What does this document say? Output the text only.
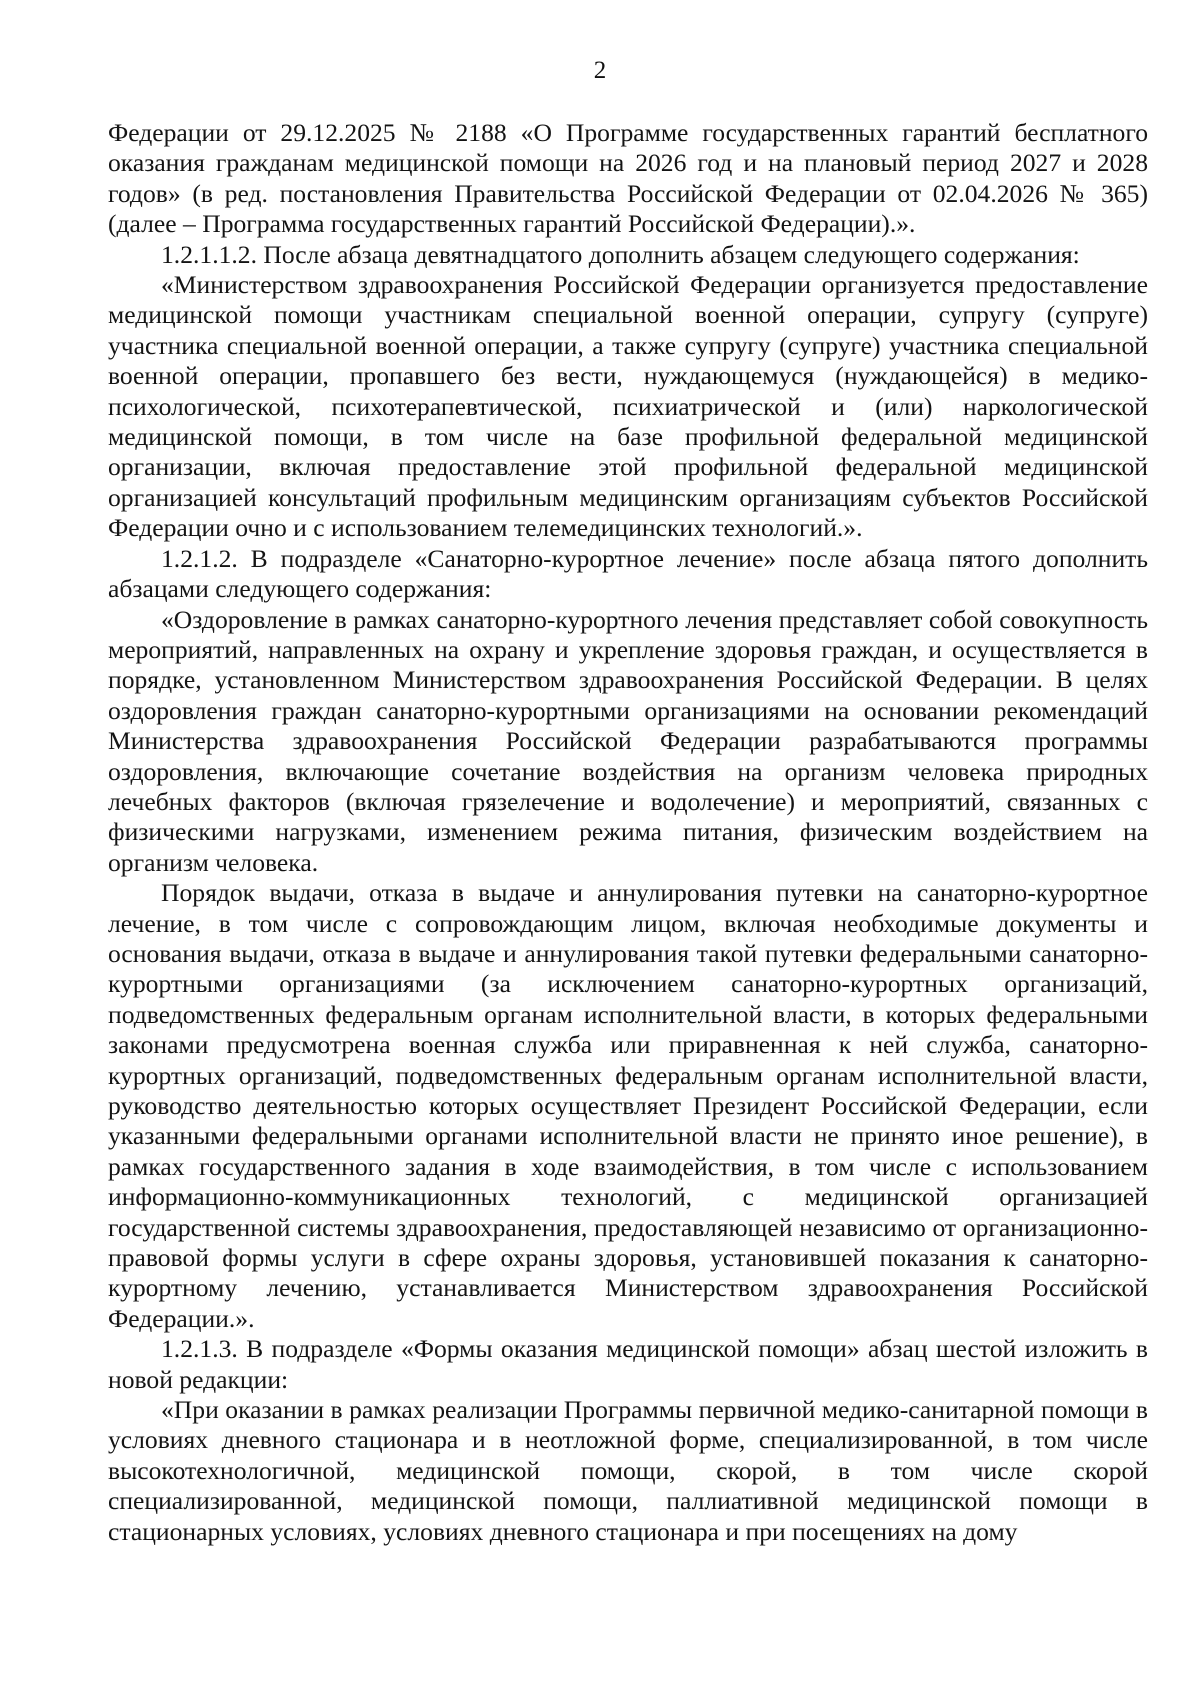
2

Федерации от 29.12.2025 № 2188 «О Программе государственных гарантий бесплатного оказания гражданам медицинской помощи на 2026 год и на плановый период 2027 и 2028 годов» (в ред. постановления Правительства Российской Федерации от 02.04.2026 № 365) (далее – Программа государственных гарантий Российской Федерации).».

1.2.1.1.2. После абзаца девятнадцатого дополнить абзацем следующего содержания:

«Министерством здравоохранения Российской Федерации организуется предоставление медицинской помощи участникам специальной военной операции, супругу (супруге) участника специальной военной операции, а также супругу (супруге) участника специальной военной операции, пропавшего без вести, нуждающемуся (нуждающейся) в медико-психологической, психотерапевтической, психиатрической и (или) наркологической медицинской помощи, в том числе на базе профильной федеральной медицинской организации, включая предоставление этой профильной федеральной медицинской организацией консультаций профильным медицинским организациям субъектов Российской Федерации очно и с использованием телемедицинских технологий.».

1.2.1.2. В подразделе «Санаторно-курортное лечение» после абзаца пятого дополнить абзацами следующего содержания:

«Оздоровление в рамках санаторно-курортного лечения представляет собой совокупность мероприятий, направленных на охрану и укрепление здоровья граждан, и осуществляется в порядке, установленном Министерством здравоохранения Российской Федерации. В целях оздоровления граждан санаторно-курортными организациями на основании рекомендаций Министерства здравоохранения Российской Федерации разрабатываются программы оздоровления, включающие сочетание воздействия на организм человека природных лечебных факторов (включая грязелечение и водолечение) и мероприятий, связанных с физическими нагрузками, изменением режима питания, физическим воздействием на организм человека.

Порядок выдачи, отказа в выдаче и аннулирования путевки на санаторно-курортное лечение, в том числе с сопровождающим лицом, включая необходимые документы и основания выдачи, отказа в выдаче и аннулирования такой путевки федеральными санаторно-курортными организациями (за исключением санаторно-курортных организаций, подведомственных федеральным органам исполнительной власти, в которых федеральными законами предусмотрена военная служба или приравненная к ней служба, санаторно-курортных организаций, подведомственных федеральным органам исполнительной власти, руководство деятельностью которых осуществляет Президент Российской Федерации, если указанными федеральными органами исполнительной власти не принято иное решение), в рамках государственного задания в ходе взаимодействия, в том числе с использованием информационно-коммуникационных технологий, с медицинской организацией государственной системы здравоохранения, предоставляющей независимо от организационно-правовой формы услуги в сфере охраны здоровья, установившей показания к санаторно-курортному лечению, устанавливается Министерством здравоохранения Российской Федерации.».

1.2.1.3. В подразделе «Формы оказания медицинской помощи» абзац шестой изложить в новой редакции:

«При оказании в рамках реализации Программы первичной медико-санитарной помощи в условиях дневного стационара и в неотложной форме, специализированной, в том числе высокотехнологичной, медицинской помощи, скорой, в том числе скорой специализированной, медицинской помощи, паллиативной медицинской помощи в стационарных условиях, условиях дневного стационара и при посещениях на дому
